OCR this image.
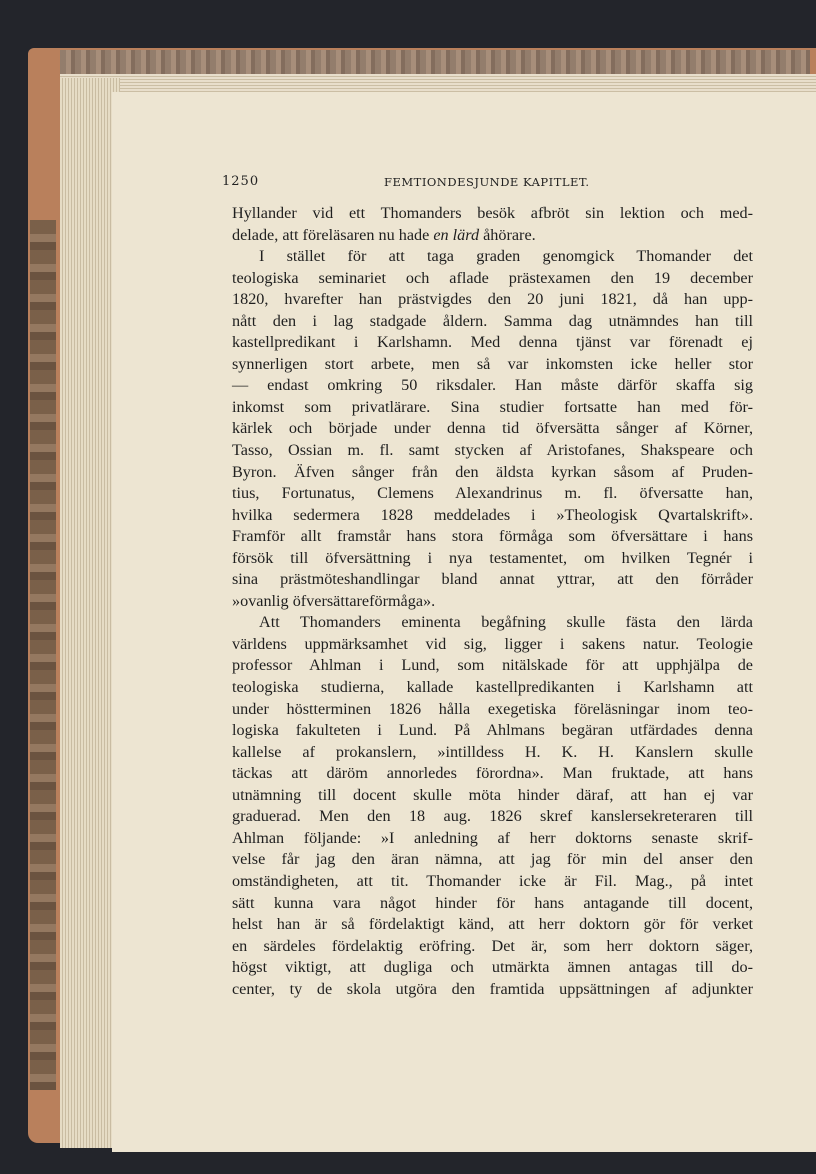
1250	FEMTIONDESJUNDE KAPITLET.
Hyllander vid ett Thomanders besök afbröt sin lektion och med-
delade, att föreläsaren nu hade en lärd åhörare.
I stället för att taga graden genomgick Thomander det
teologiska seminariet och aflade prästexamen den 19 december
1820, hvarefter han prästvigdes den 20 juni 1821, då han upp-
nått den i lag stadgade åldern. Samma dag utnämndes han till
kastellpredikant i Karlshamn. Med denna tjänst var förenadt ej
synnerligen stort arbete, men så var inkomsten icke heller stor
— endast omkring 50 riksdaler. Han måste därför skaffa sig
inkomst som privatlärare. Sina studier fortsatte han med för-
kärlek och började under denna tid öfversätta sånger af Körner,
Tasso, Ossian m. fl. samt stycken af Aristofanes, Shakspeare och
Byron. Äfven sånger från den äldsta kyrkan såsom af Pruden-
tius, Fortunatus, Clemens Alexandrinus m. fl. öfversatte han,
hvilka sedermera 1828 meddelades i »Theologisk Qvartalskrift».
Framför allt framstår hans stora förmåga som öfversättare i hans
försök till öfversättning i nya testamentet, om hvilken Tegnér i
sina prästmöteshandlingar bland annat yttrar, att den förråder
»ovanlig öfversättareförmåga».
Att Thomanders eminenta begåfning skulle fästa den lärda
världens uppmärksamhet vid sig, ligger i sakens natur. Teologie
professor Ahlman i Lund, som nitälskade för att upphjälpa de
teologiska studierna, kallade kastellpredikanten i Karlshamn att
under höstterminen 1826 hålla exegetiska föreläsningar inom teo-
logiska fakulteten i Lund. På Ahlmans begäran utfärdades denna
kallelse af prokanslern, »intilldess H. K. H. Kanslern skulle
täckas att däröm annorledes förordna». Man fruktade, att hans
utnämning till docent skulle möta hinder däraf, att han ej var
graduerad. Men den 18 aug. 1826 skref kanslersekreteraren till
Ahlman följande: »I anledning af herr doktorns senaste skrif-
velse får jag den äran nämna, att jag för min del anser den
omständigheten, att tit. Thomander icke är Fil. Mag., på intet
sätt kunna vara något hinder för hans antagande till docent,
helst han är så fördelaktigt känd, att herr doktorn gör för verket
en särdeles fördelaktig eröfring. Det är, som herr doktorn säger,
högst viktigt, att dugliga och utmärkta ämnen antagas till do-
center, ty de skola utgöra den framtida uppsättningen af adjunkter
